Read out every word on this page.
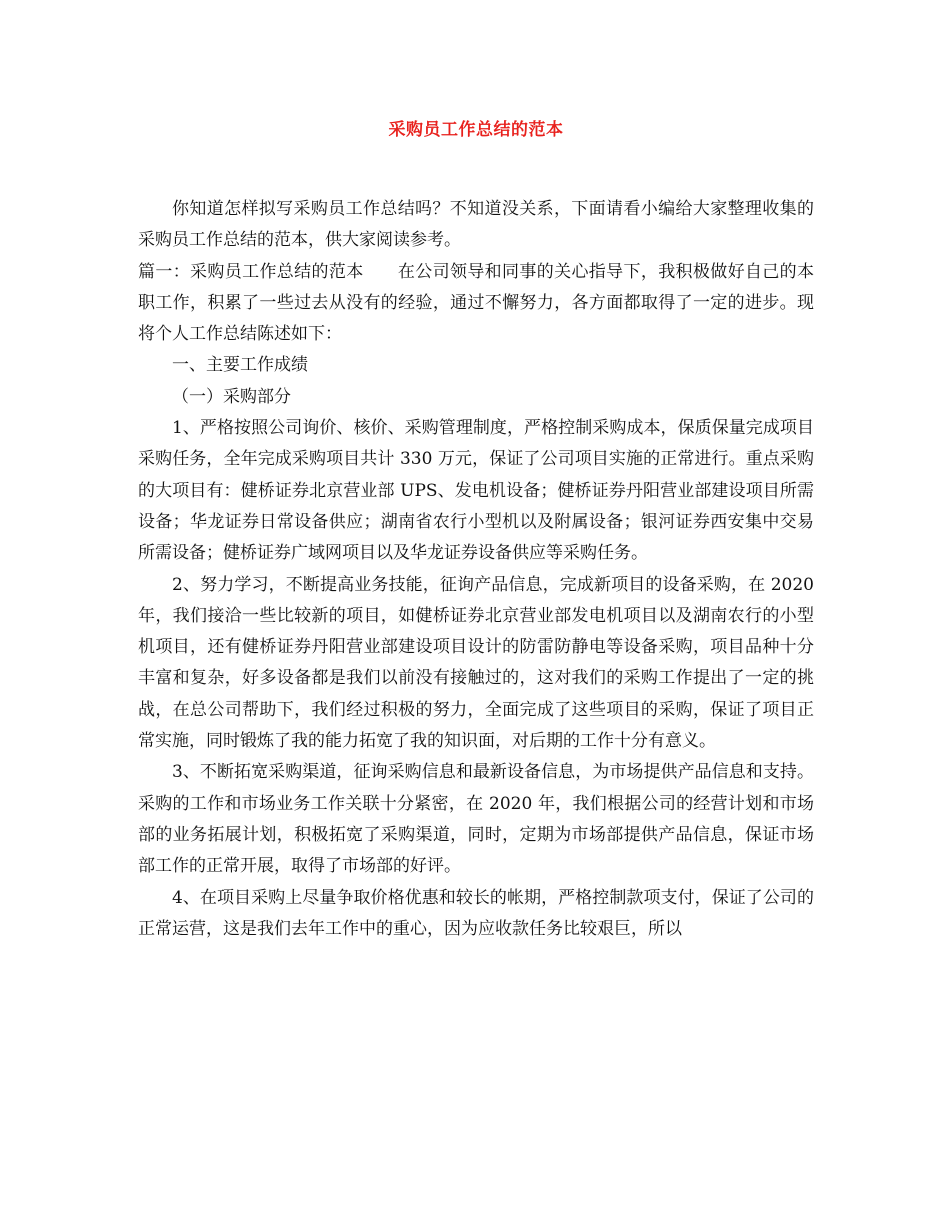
采购员工作总结的范本

你知道怎样拟写采购员工作总结吗？不知道没关系，下面请看小编给大家整理收集的采购员工作总结的范本，供大家阅读参考。

篇一：采购员工作总结的范本 在公司领导和同事的关心指导下，我积极做好自己的本职工作，积累了一些过去从没有的经验，通过不懈努力，各方面都取得了一定的进步。现将个人工作总结陈述如下：

一、主要工作成绩

（一）采购部分

1、严格按照公司询价、核价、采购管理制度，严格控制采购成本，保质保量完成项目采购任务，全年完成采购项目共计 330 万元，保证了公司项目实施的正常进行。重点采购的大项目有：健桥证券北京营业部 UPS、发电机设备；健桥证券丹阳营业部建设项目所需设备；华龙证券日常设备供应；湖南省农行小型机以及附属设备；银河证券西安集中交易所需设备；健桥证券广域网项目以及华龙证券设备供应等采购任务。

2、努力学习，不断提高业务技能，征询产品信息，完成新项目的设备采购，在 2020 年，我们接洽一些比较新的项目，如健桥证券北京营业部发电机项目以及湖南农行的小型机项目，还有健桥证券丹阳营业部建设项目设计的防雷防静电等设备采购，项目品种十分丰富和复杂，好多设备都是我们以前没有接触过的，这对我们的采购工作提出了一定的挑战，在总公司帮助下，我们经过积极的努力，全面完成了这些项目的采购，保证了项目正常实施，同时锻炼了我的能力拓宽了我的知识面，对后期的工作十分有意义。

3、不断拓宽采购渠道，征询采购信息和最新设备信息，为市场提供产品信息和支持。采购的工作和市场业务工作关联十分紧密，在 2020 年，我们根据公司的经营计划和市场部的业务拓展计划，积极拓宽了采购渠道，同时，定期为市场部提供产品信息，保证市场部工作的正常开展，取得了市场部的好评。

4、在项目采购上尽量争取价格优惠和较长的帐期，严格控制款项支付，保证了公司的正常运营，这是我们去年工作中的重心，因为应收款任务比较艰巨，所以
